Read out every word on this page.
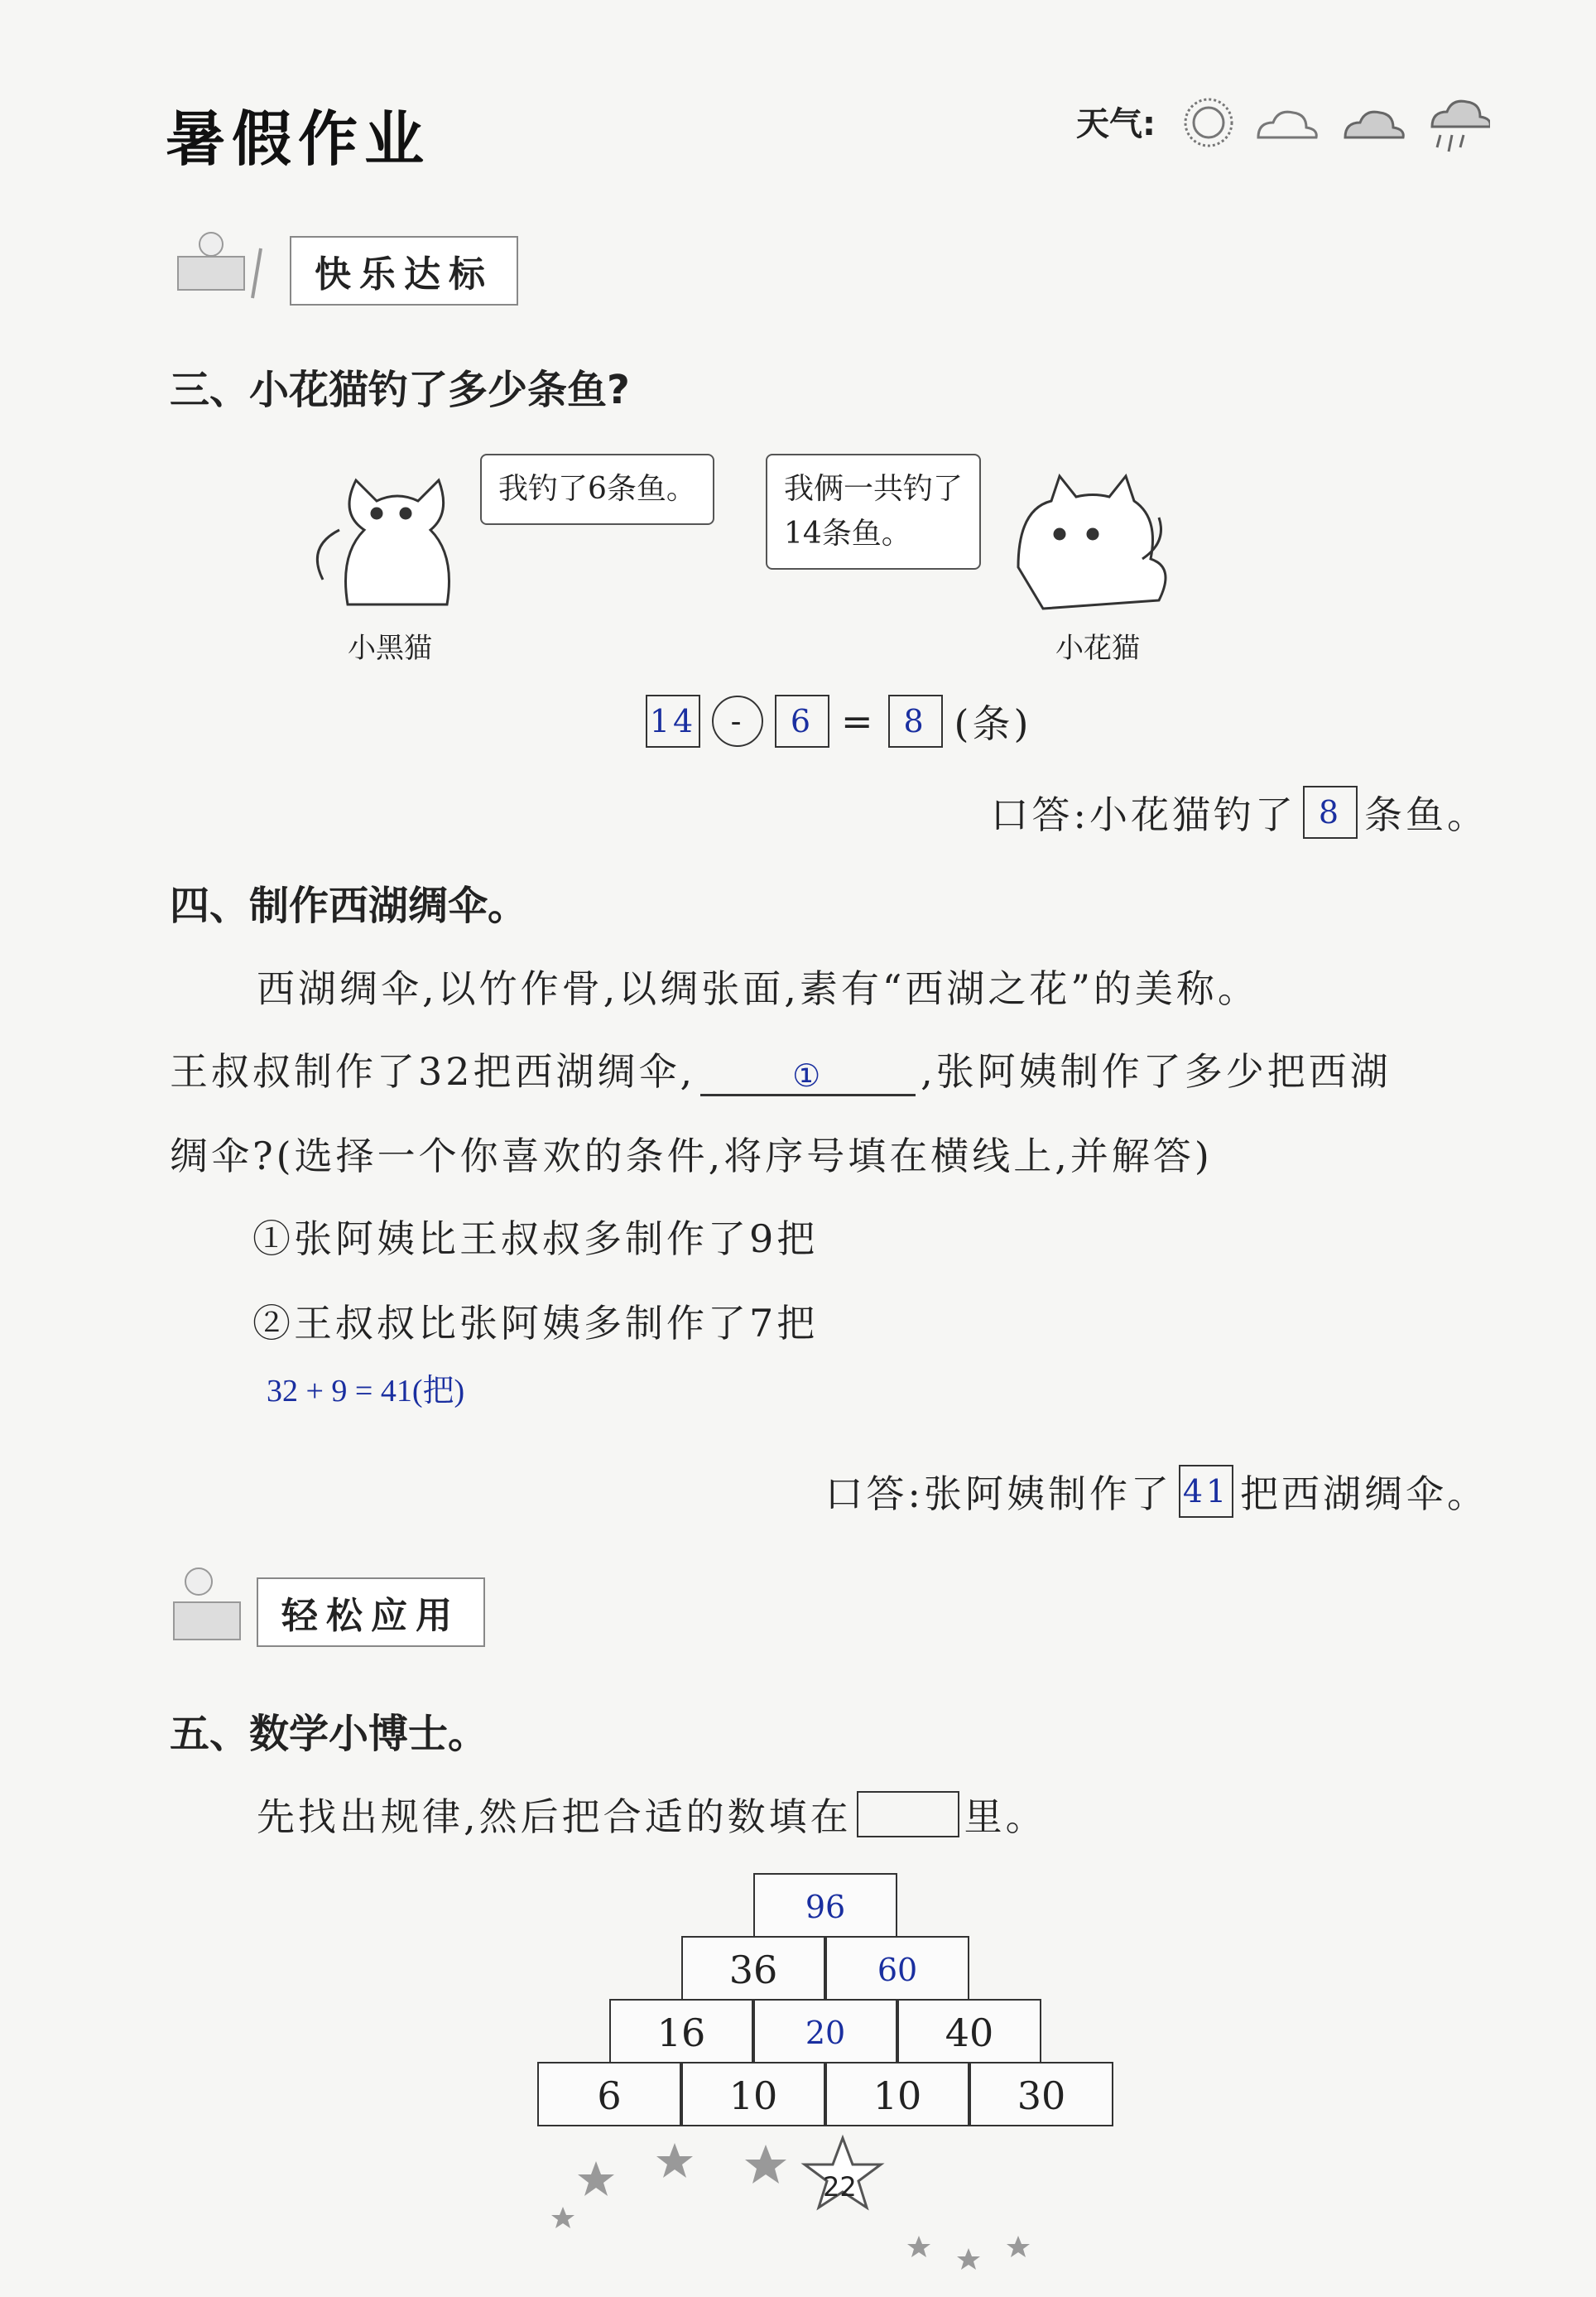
暑假作业	天气:
快乐达标
三、小花猫钓了多少条鱼?
我钓了6条鱼。	我俩一共钓了
14条鱼。
小黑猫	小花猫
14	-	6 = 8 (条)
口答:小花猫钓了 8 条鱼。
四、制作西湖绸伞。
西湖绸伞,以竹作骨,以绸张面,素有“西湖之花”的美称。
王叔叔制作了32把西湖绸伞,	①	,张阿姨制作了多少把西湖
绸伞?(选择一个你喜欢的条件,将序号填在横线上,并解答)
①张阿姨比王叔叔多制作了9把
②王叔叔比张阿姨多制作了7把
32 + 9 = 41(把)
口答:张阿姨制作了 41 把西湖绸伞。
轻松应用
五、数学小博士。
先找出规律,然后把合适的数填在	里。
96
36	60
16	20	40
6	10	10	30
22
